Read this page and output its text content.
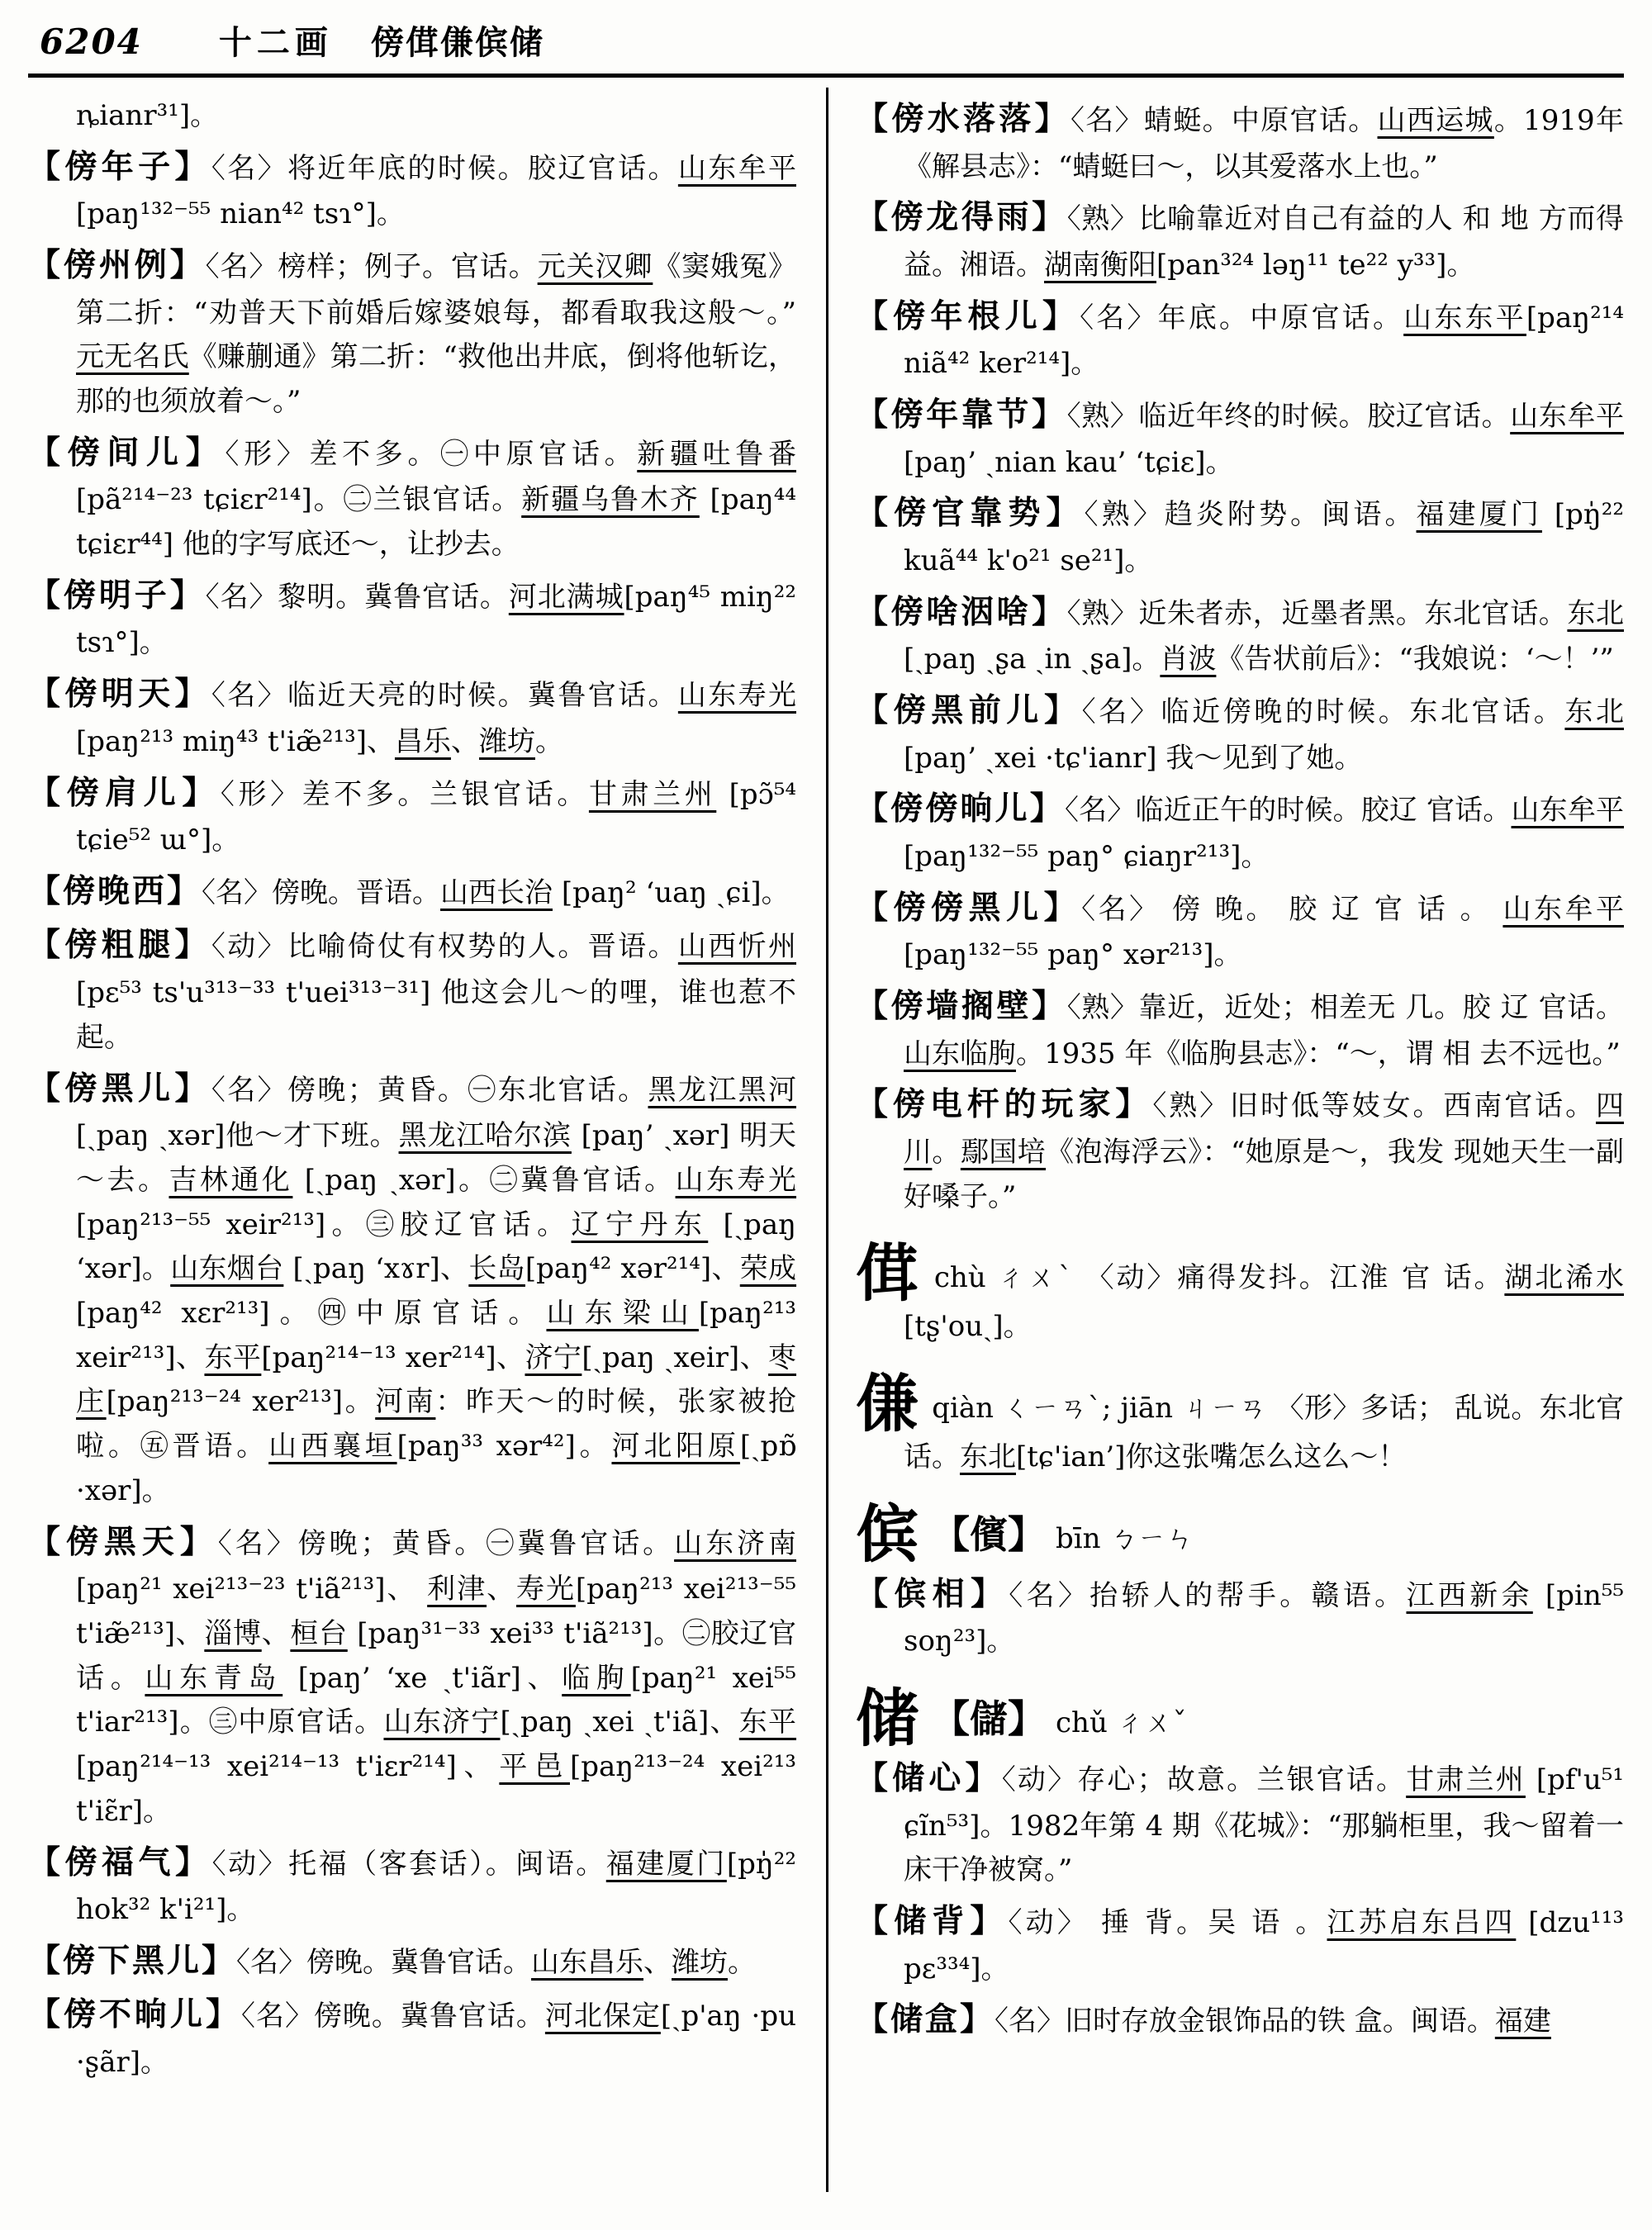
6204 十二画 傍傇傔傧储
ȵianr³¹]。
【傍年子】〈名〉将近年底的时候。胶辽官话。山东牟平 [paŋ¹³²⁻⁵⁵ nian⁴² tsɿ°]。
【傍州例】〈名〉榜样；例子。官话。元关汉卿《窦娥冤》第二折：“劝普天下前婚后嫁婆娘每，都看取我这般～。” 元无名氏《赚蒯通》第二折：“救他出井底，倒将他斩讫，那的也须放着～。”
【傍间儿】〈形〉差不多。㊀中原官话。新疆吐鲁番 [pã²¹⁴⁻²³ tɕiɛr²¹⁴]。㊁兰银官话。新疆乌鲁木齐 [paŋ⁴⁴ tɕiɛr⁴⁴] 他的字写底还～，让抄去。
【傍明子】〈名〉黎明。冀鲁官话。河北满城[paŋ⁴⁵ miŋ²² tsɿ°]。
【傍明天】〈名〉临近天亮的时候。冀鲁官话。山东寿光 [paŋ²¹³ miŋ⁴³ t'iæ̃²¹³]、昌乐、潍坊。
【傍肩儿】〈形〉差不多。兰银官话。甘肃兰州 [pɔ̃⁵⁴ tɕie⁵² ɯ°]。
【傍晚西】〈名〉傍晚。晋语。山西长治 [paŋ² ʻuaŋ ˏɕi]。
【傍粗腿】〈动〉比喻倚仗有权势的人。晋语。山西忻州 [pɛ⁵³ ts'u³¹³⁻³³ t'uei³¹³⁻³¹] 他这会儿～的哩，谁也惹不起。
【傍黑儿】〈名〉傍晚；黄昏。㊀东北官话。黑龙江黑河[ˏpaŋ ˏxər]他～才下班。黑龙江哈尔滨 [paŋ’ ˏxər] 明天～去。吉林通化 [ˏpaŋ ˏxər]。㊁冀鲁官话。山东寿光[paŋ²¹³⁻⁵⁵ xeir²¹³]。㊂胶辽官话。辽宁丹东 [ˏpaŋ ʻxər]。山东烟台 [ˏpaŋ ʻxɤr]、长岛[paŋ⁴² xər²¹⁴]、荣成[paŋ⁴² xɛr²¹³]。㊃中原官话。山东梁山[paŋ²¹³ xeir²¹³]、东平[paŋ²¹⁴⁻¹³ xer²¹⁴]、济宁[ˏpaŋ ˏxeir]、枣庄[paŋ²¹³⁻²⁴ xer²¹³]。河南：昨天～的时候，张家被抢啦。㊄晋语。山西襄垣[paŋ³³ xər⁴²]。河北阳原[ˏpɒ̃ ·xər]。
【傍黑天】〈名〉傍晚；黄昏。㊀冀鲁官话。山东济南[paŋ²¹ xei²¹³⁻²³ t'iã²¹³]、 利津、寿光[paŋ²¹³ xei²¹³⁻⁵⁵ t'iæ̃²¹³]、淄博、桓台 [paŋ³¹⁻³³ xei³³ t'iã²¹³]。㊁胶辽官话。山东青岛 [paŋ’ ʻxe ˏt'iãr]、临朐[paŋ²¹ xei⁵⁵ t'iar²¹³]。㊂中原官话。山东济宁[ˏpaŋ ˏxei ˏt'iã]、东平 [paŋ²¹⁴⁻¹³ xei²¹⁴⁻¹³ t'iɛr²¹⁴]、平邑[paŋ²¹³⁻²⁴ xei²¹³ t'iɛ̃r]。
【傍福气】〈动〉托福（客套话）。闽语。福建厦门[pŋ̍²² hok³² k'i²¹]。
【傍下黑儿】〈名〉傍晚。冀鲁官话。山东昌乐、潍坊。
【傍不晌儿】〈名〉傍晚。冀鲁官话。河北保定[ˏp'aŋ ·pu ·ʂãr]。
【傍水落落】〈名〉蜻蜓。中原官话。山西运城。1919年《解县志》：“蜻蜓曰～，以其爱落水上也。”
【傍龙得雨】〈熟〉比喻靠近对自己有益的人 和 地 方而得益。湘语。湖南衡阳[pan³²⁴ ləŋ¹¹ te²² y³³]。
【傍年根儿】〈名〉年底。中原官话。山东东平[paŋ²¹⁴ niã⁴² ker²¹⁴]。
【傍年靠节】〈熟〉临近年终的时候。胶辽官话。山东牟平 [paŋ’ ˏnian kau’ ʻtɕiɛ]。
【傍官靠势】〈熟〉趋炎附势。闽语。福建厦门 [pŋ̍²² kuã⁴⁴ k'o²¹ se²¹]。
【傍啥洇啥】〈熟〉近朱者赤，近墨者黑。东北官话。东北 [ˏpaŋ ˏʂa ˏin ˏʂa]。肖波《告状前后》：“我娘说：‘～！’”
【傍黑前儿】〈名〉临近傍晚的时候。东北官话。东北 [paŋ’ ˏxei ·tɕ'ianr] 我～见到了她。
【傍傍晌儿】〈名〉临近正午的时候。胶辽 官话。山东牟平[paŋ¹³²⁻⁵⁵ paŋ° ɕiaŋr²¹³]。
【傍傍黑儿】〈名〉 傍 晚。 胶 辽 官 话 。 山东牟平 [paŋ¹³²⁻⁵⁵ paŋ° xər²¹³]。
【傍墙搁壁】〈熟〉靠近，近处；相差无 几。胶 辽 官话。山东临朐。1935 年《临朐县志》：“～，谓 相 去不远也。”
【傍电杆的玩家】〈熟〉旧时低等妓女。西南官话。四川。鄢国培《泡海浮云》：“她原是～，我发 现她天生一副好嗓子。”
傇chù ㄔㄨˋ 〈动〉痛得发抖。江淮 官 话。湖北浠水 [tʂ'ouˏ]。
傔qiàn ㄑㄧㄢˋ; jiān ㄐㄧㄢ 〈形〉多话； 乱说。东北官话。东北[tɕ'ian’]你这张嘴怎么这么～！
傧 【儐】 bīn ㄅㄧㄣ
【傧相】〈名〉抬轿人的帮手。赣语。江西新余 [pin⁵⁵ soŋ²³]。
储 【儲】 chǔ ㄔㄨˇ
【储心】〈动〉存心；故意。兰银官话。甘肃兰州 [pf'u⁵¹ ɕĩn⁵³]。1982年第 4 期《花城》：“那躺柜里，我～留着一床干净被窝。”
【储背】〈动〉 捶 背。吴 语 。江苏启东吕四 [dzu¹¹³ pɛ³³⁴]。
【储盒】〈名〉旧时存放金银饰品的铁 盒。闽语。福建
